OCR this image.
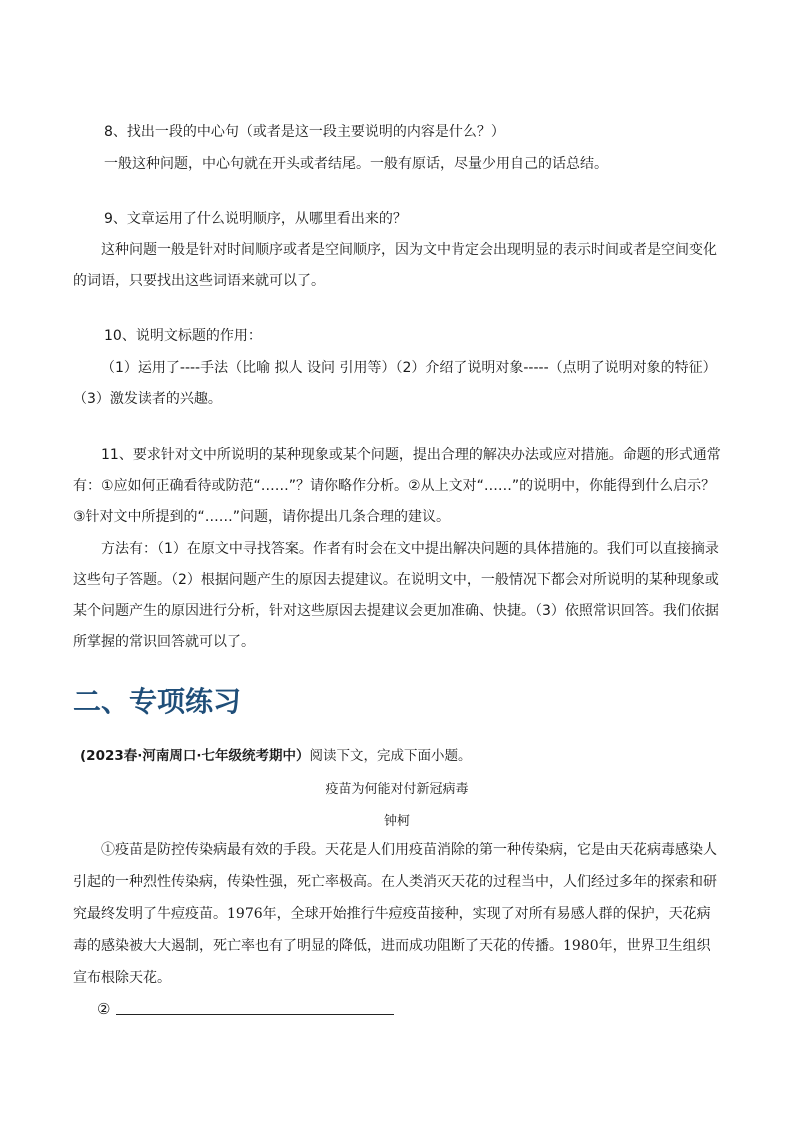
8、找出一段的中心句（或者是这一段主要说明的内容是什么？）

一般这种问题，中心句就在开头或者结尾。一般有原话，尽量少用自己的话总结。

9、文章运用了什么说明顺序，从哪里看出来的？

这种问题一般是针对时间顺序或者是空间顺序，因为文中肯定会出现明显的表示时间或者是空间变化的词语，只要找出这些词语来就可以了。

10、说明文标题的作用：

（1）运用了----手法（比喻 拟人 设问 引用等）（2）介绍了说明对象-----（点明了说明对象的特征）（3）激发读者的兴趣。

11、要求针对文中所说明的某种现象或某个问题，提出合理的解决办法或应对措施。命题的形式通常有：①应如何正确看待或防范“……”？请你略作分析。②从上文对“……”的说明中，你能得到什么启示？③针对文中所提到的“……”问题，请你提出几条合理的建议。

方法有：（1）在原文中寻找答案。作者有时会在文中提出解决问题的具体措施的。我们可以直接摘录这些句子答题。（2）根据问题产生的原因去提建议。在说明文中，一般情况下都会对所说明的某种现象或某个问题产生的原因进行分析，针对这些原因去提建议会更加准确、快捷。（3）依照常识回答。我们依据所掌握的常识回答就可以了。

二、专项练习

(2023春·河南周口·七年级统考期中）阅读下文，完成下面小题。

疫苗为何能对付新冠病毒

钟柯

①疫苗是防控传染病最有效的手段。天花是人们用疫苗消除的第一种传染病，它是由天花病毒感染人引起的一种烈性传染病，传染性强，死亡率极高。在人类消灭天花的过程当中，人们经过多年的探索和研究最终发明了牛痘疫苗。1976年，全球开始推行牛痘疫苗接种，实现了对所有易感人群的保护，天花病毒的感染被大大遏制，死亡率也有了明显的降低，进而成功阻断了天花的传播。1980年，世界卫生组织宣布根除天花。

②
